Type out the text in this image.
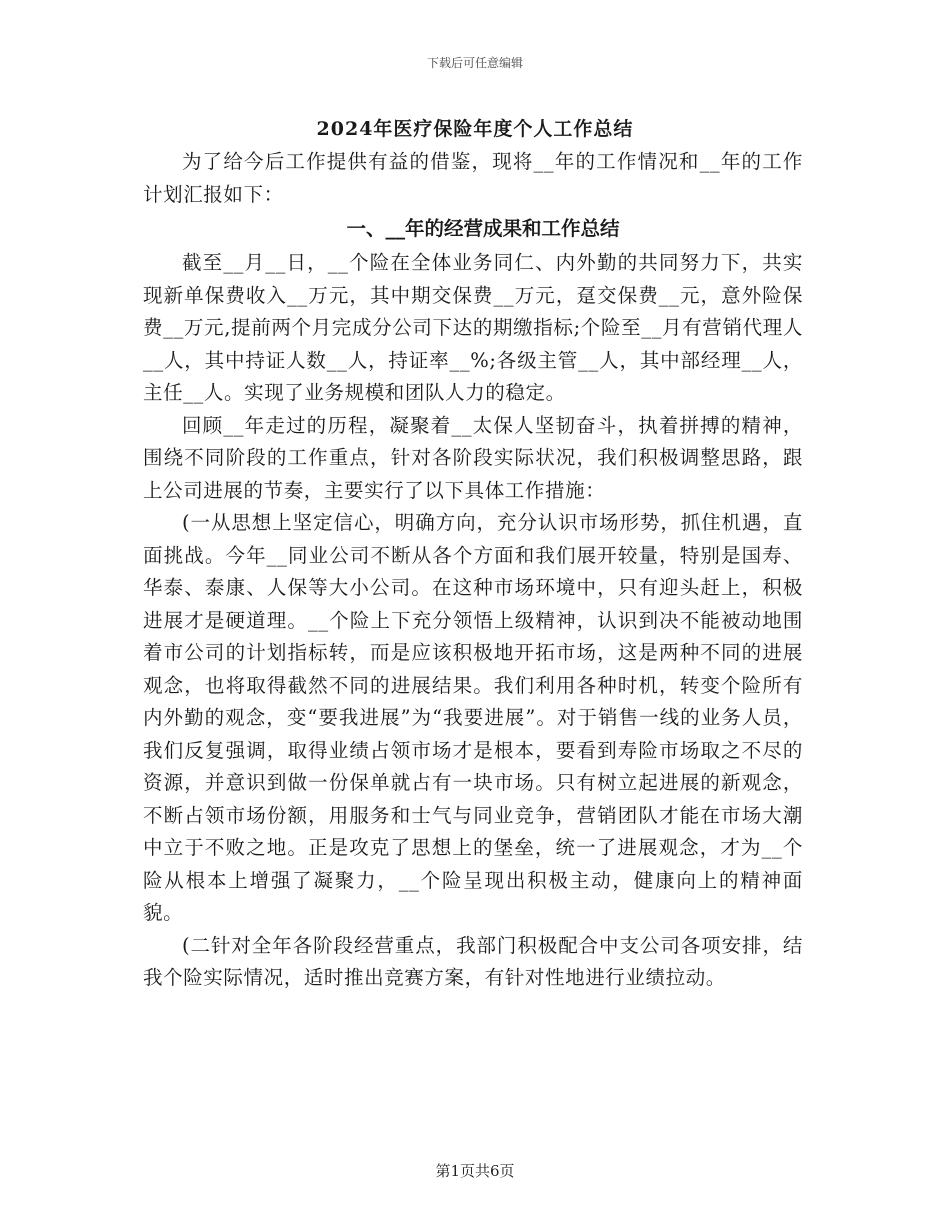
下载后可任意编辑
2024年医疗保险年度个人工作总结

为了给今后工作提供有益的借鉴，现将__年的工作情况和__年的工作计划汇报如下：

一、__年的经营成果和工作总结

截至__月__日，__个险在全体业务同仁、内外勤的共同努力下，共实现新单保费收入__万元，其中期交保费__万元，趸交保费__元，意外险保费__万元,提前两个月完成分公司下达的期缴指标;个险至__月有营销代理人__人，其中持证人数__人，持证率__%;各级主管__人，其中部经理__人，主任__人。实现了业务规模和团队人力的稳定。

回顾__年走过的历程，凝聚着__太保人坚韧奋斗，执着拼搏的精神，围绕不同阶段的工作重点，针对各阶段实际状况，我们积极调整思路，跟上公司进展的节奏，主要实行了以下具体工作措施：

(一从思想上坚定信心，明确方向，充分认识市场形势，抓住机遇，直面挑战。今年__同业公司不断从各个方面和我们展开较量，特别是国寿、华泰、泰康、人保等大小公司。在这种市场环境中，只有迎头赶上，积极进展才是硬道理。__个险上下充分领悟上级精神，认识到决不能被动地围着市公司的计划指标转，而是应该积极地开拓市场，这是两种不同的进展观念，也将取得截然不同的进展结果。我们利用各种时机，转变个险所有内外勤的观念，变“要我进展”为“我要进展”。对于销售一线的业务人员，我们反复强调，取得业绩占领市场才是根本，要看到寿险市场取之不尽的资源，并意识到做一份保单就占有一块市场。只有树立起进展的新观念，不断占领市场份额，用服务和士气与同业竞争，营销团队才能在市场大潮中立于不败之地。正是攻克了思想上的堡垒，统一了进展观念，才为__个险从根本上增强了凝聚力，__个险呈现出积极主动，健康向上的精神面貌。

(二针对全年各阶段经营重点，我部门积极配合中支公司各项安排，结我个险实际情况，适时推出竞赛方案，有针对性地进行业绩拉动。

第1页共6页
